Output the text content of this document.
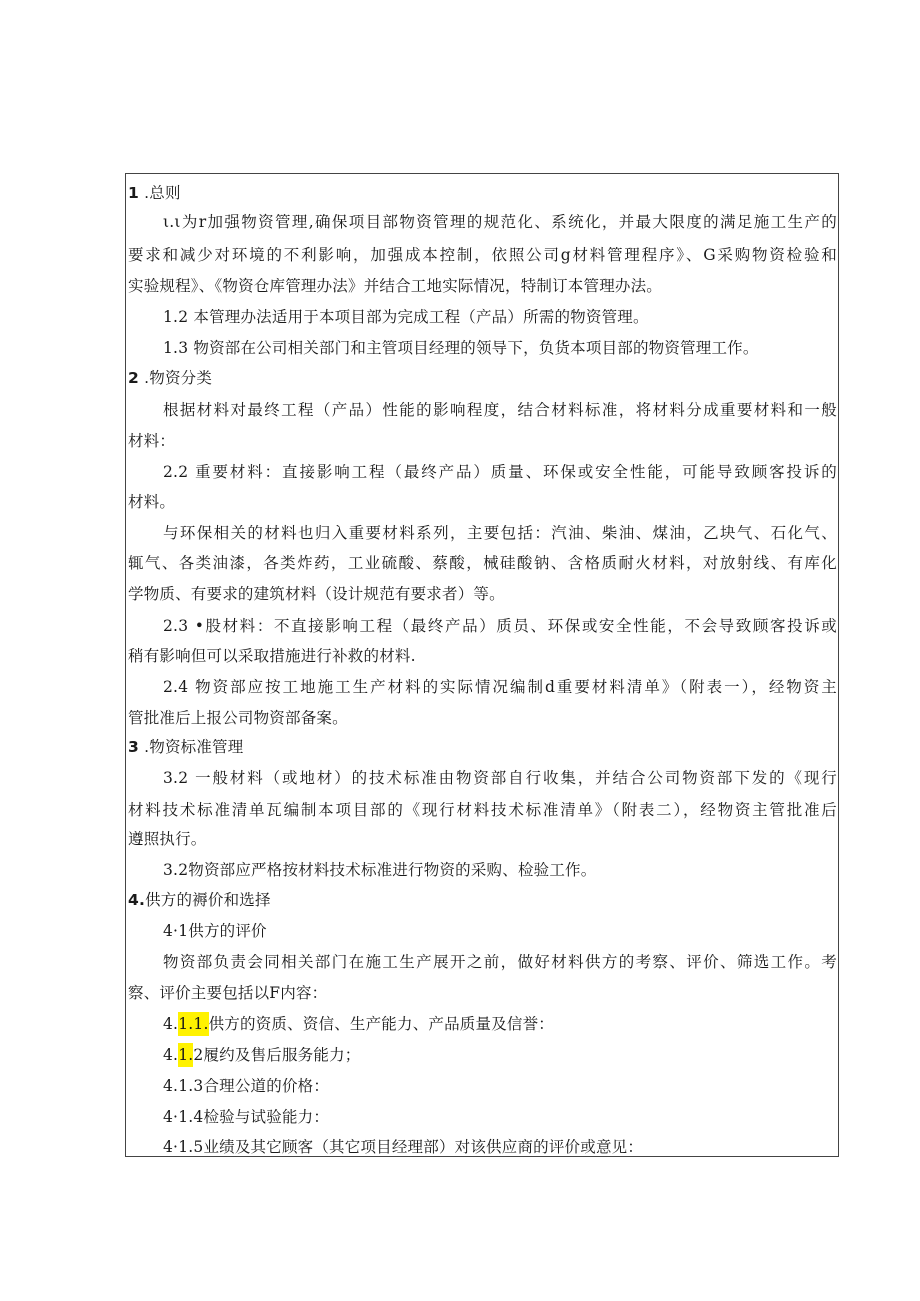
1 .总则
ι.ι为r加强物资管理,确保项目部物资管理的规范化、系统化，并最大限度的满足施工生产的
要求和减少对环境的不利影响，加强成本控制，依照公司g材料管理程序》、G采购物资检验和
实验规程》、《物资仓库管理办法》并结合工地实际情况，特制订本管理办法。
1.2 本管理办法适用于本项目部为完成工程（产品）所需的物资管理。
1.3 物资部在公司相关部门和主管项目经理的领导下，负货本项目部的物资管理工作。
2 .物资分类
根据材料对最终工程（产品）性能的影响程度，结合材料标准，将材料分成重要材料和一般
材料：
2.2 重要材料：直接影响工程（最终产品）质量、环保或安全性能，可能导致顾客投诉的
材料。
与环保相关的材料也归入重要材料系列，主要包括：汽油、柴油、煤油，乙块气、石化气、
辄气、各类油漆，各类炸药，工业硫酸、蔡酸，械硅酸钠、含格质耐火材料，对放射线、有库化
学物质、有要求的建筑材料（设计规范有要求者）等。
2.3 •股材料：不直接影响工程（最终产品）质员、环保或安全性能，不会导致顾客投诉或
稍有影响但可以采取措施进行补救的材料.
2.4 物资部应按工地施工生产材料的实际情况编制d重要材料清单》（附表一），经物资主
管批准后上报公司物资部备案。
3 .物资标准管理
3.2 一般材料（或地材）的技术标准由物资部自行收集，并结合公司物资部下发的《现行
材料技术标准清单瓦编制本项目部的《现行材料技术标准清单》（附表二），经物资主管批准后
遵照执行。
3.2物资部应严格按材料技术标准进行物资的采购、检验工作。
4.供方的褥价和选择
4·1供方的评价
物资部负责会同相关部门在施工生产展开之前，做好材料供方的考察、评价、筛选工作。考
察、评价主要包括以F内容：
4.1.1.供方的资质、资信、生产能力、产品质量及信誉：
4.1.2履约及售后服务能力；
4.1.3合理公道的价格：
4·1.4检验与试验能力：
4·1.5业绩及其它顾客（其它项目经理部）对该供应商的评价或意见：
